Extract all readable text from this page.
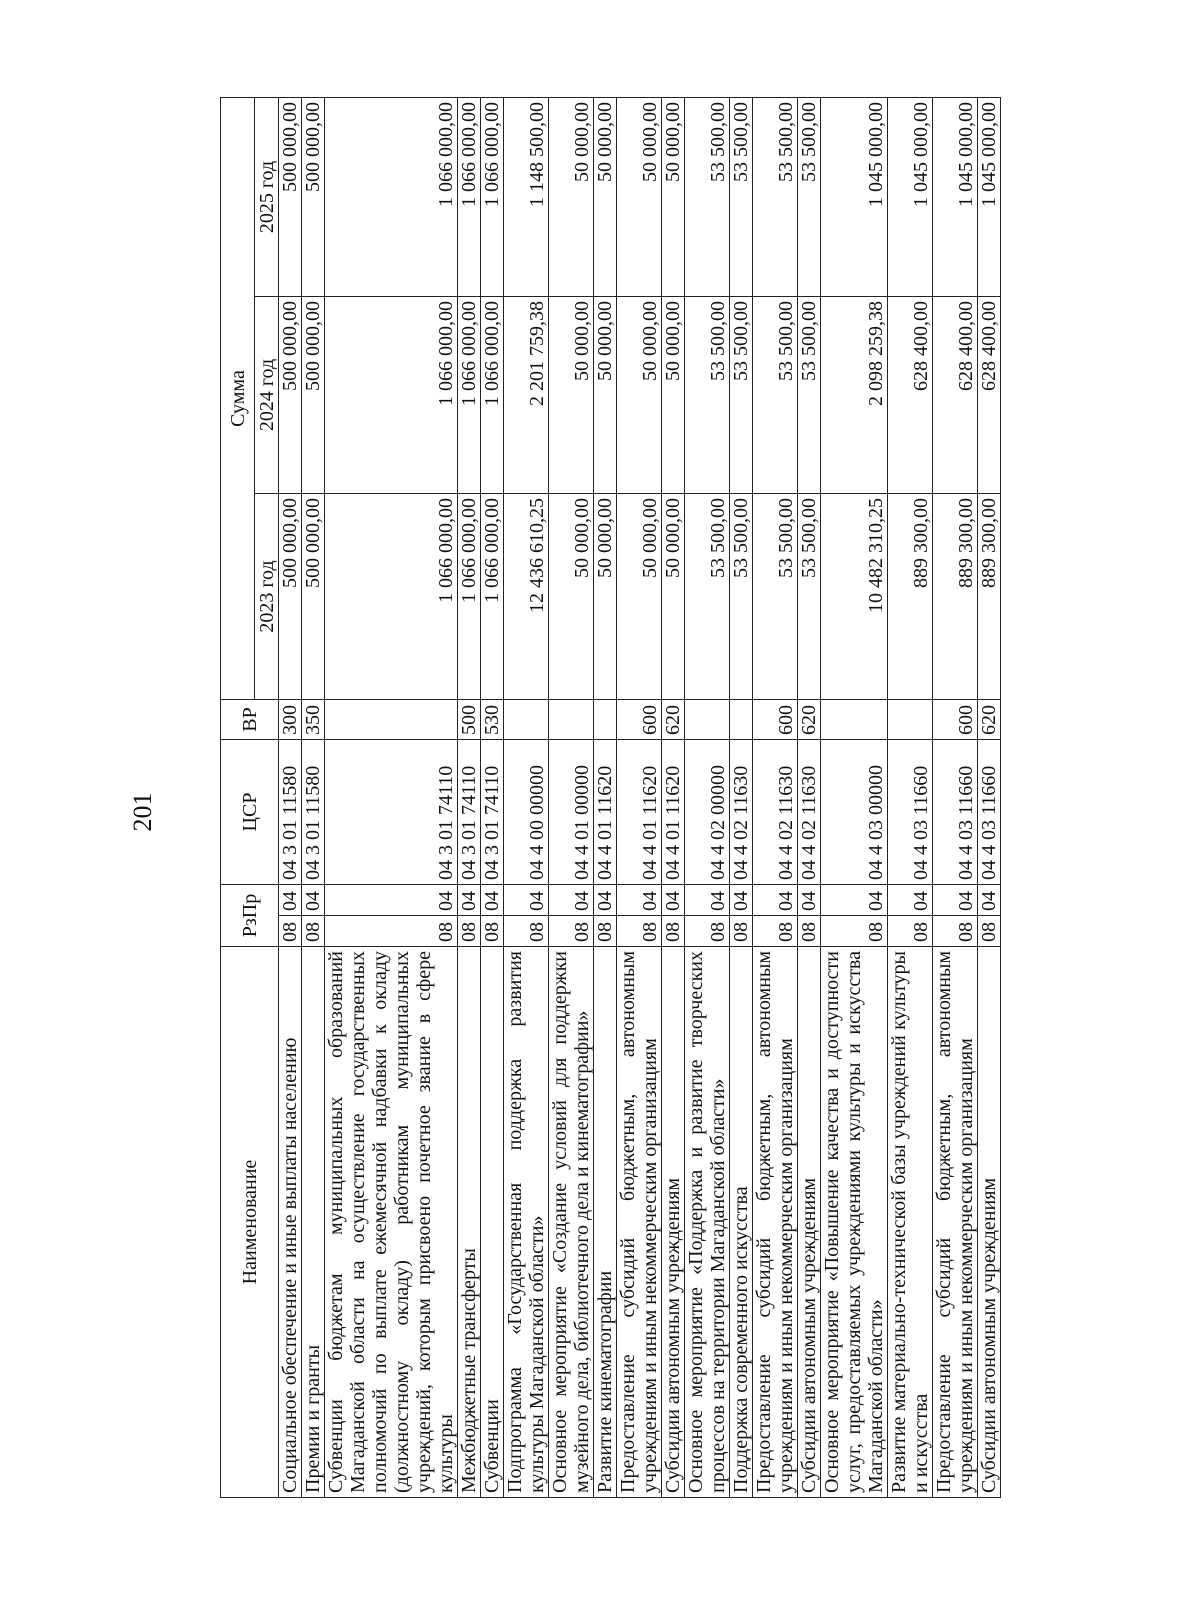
201
Наименование	РзПр		ЦСР	ВР	Сумма		
					2023 год	2024 год	2025 год
Социальное обеспечение и иные выплаты населению	08	04	04 3 01 11580	300	500 000,00	500 000,00	500 000,00
Премии и гранты	08	04	04 3 01 11580	350	500 000,00	500 000,00	500 000,00
Субвенции бюджетам муниципальных образований Магаданской области на осуществление государственных полномочий по выплате ежемесячной надбавки к окладу (должностному окладу) работникам муниципальных учреждений, которым присвоено почетное звание в сфере культуры	08	04	04 3 01 74110		1 066 000,00	1 066 000,00	1 066 000,00
Межбюджетные трансферты	08	04	04 3 01 74110	500	1 066 000,00	1 066 000,00	1 066 000,00
Субвенции	08	04	04 3 01 74110	530	1 066 000,00	1 066 000,00	1 066 000,00
Подпрограмма «Государственная поддержка развития культуры Магаданской области»	08	04	04 4 00 00000		12 436 610,25	2 201 759,38	1 148 500,00
Основное мероприятие «Создание условий для поддержки музейного дела, библиотечного дела и кинематографии»	08	04	04 4 01 00000		50 000,00	50 000,00	50 000,00
Развитие кинематографии	08	04	04 4 01 11620		50 000,00	50 000,00	50 000,00
Предоставление субсидий бюджетным, автономным учреждениям и иным некоммерческим организациям	08	04	04 4 01 11620	600	50 000,00	50 000,00	50 000,00
Субсидии автономным учреждениям	08	04	04 4 01 11620	620	50 000,00	50 000,00	50 000,00
Основное мероприятие «Поддержка и развитие творческих процессов на территории Магаданской области»	08	04	04 4 02 00000		53 500,00	53 500,00	53 500,00
Поддержка современного искусства	08	04	04 4 02 11630		53 500,00	53 500,00	53 500,00
Предоставление субсидий бюджетным, автономным учреждениям и иным некоммерческим организациям	08	04	04 4 02 11630	600	53 500,00	53 500,00	53 500,00
Субсидии автономным учреждениям	08	04	04 4 02 11630	620	53 500,00	53 500,00	53 500,00
Основное мероприятие «Повышение качества и доступности услуг, предоставляемых учреждениями культуры и искусства Магаданской области»	08	04	04 4 03 00000		10 482 310,25	2 098 259,38	1 045 000,00
Развитие материально-технической базы учреждений культуры и искусства	08	04	04 4 03 11660		889 300,00	628 400,00	1 045 000,00
Предоставление субсидий бюджетным, автономным учреждениям и иным некоммерческим организациям	08	04	04 4 03 11660	600	889 300,00	628 400,00	1 045 000,00
Субсидии автономным учреждениям	08	04	04 4 03 11660	620	889 300,00	628 400,00	1 045 000,00
